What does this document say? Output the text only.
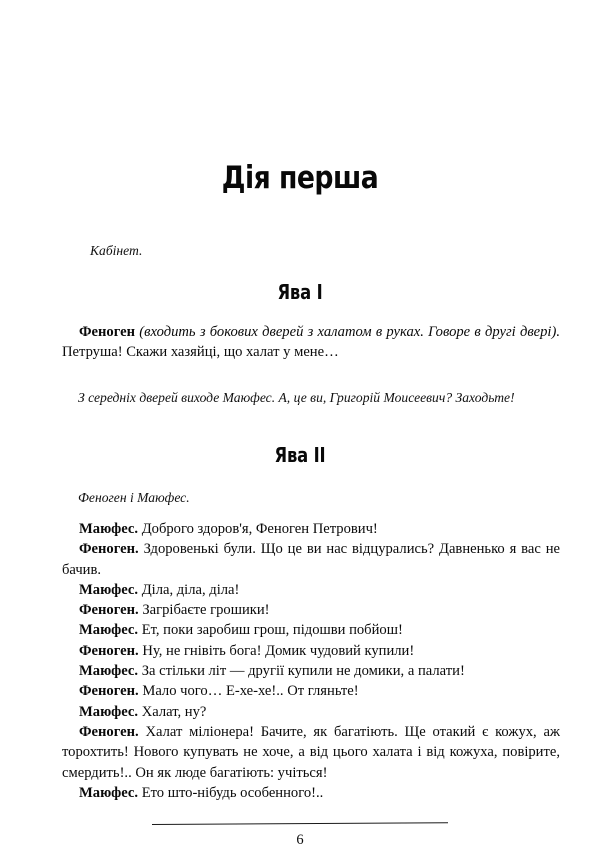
Дія перша
Кабінет.
Ява I

Феноген (входить з бокових дверей з халатом в руках. Говоре в другі двері). Петруша! Скажи хазяйці, що халат у мене…

З середніх дверей виходе Маюфес. А, це ви, Григорій Моисеевич? Заходьте!
Ява II
Феноген і Маюфес.

Маюфес. Доброго здоров'я, Феноген Петрович!

Феноген. Здоровенькі були. Що це ви нас відцурались? Давненько я вас не бачив.

Маюфес. Діла, діла, діла!

Феноген. Загрібаєте грошики!

Маюфес. Ет, поки заробиш грош, підошви побйош!

Феноген. Ну, не гнівіть бога! Домик чудовий купили!

Маюфес. За стільки літ — другії купили не домики, а палати!

Феноген. Мало чого… Е-хе-хе!.. От гляньте!

Маюфес. Халат, ну?

Феноген. Халат міліонера! Бачите, як багатіють. Ще отакий є кожух, аж торохтить! Нового купувать не хоче, а від цього халата і від кожуха, повірите, смердить!.. Он як люде багатіють: учіться!

Маюфес. Ето што-нібудь особенного!..

6
